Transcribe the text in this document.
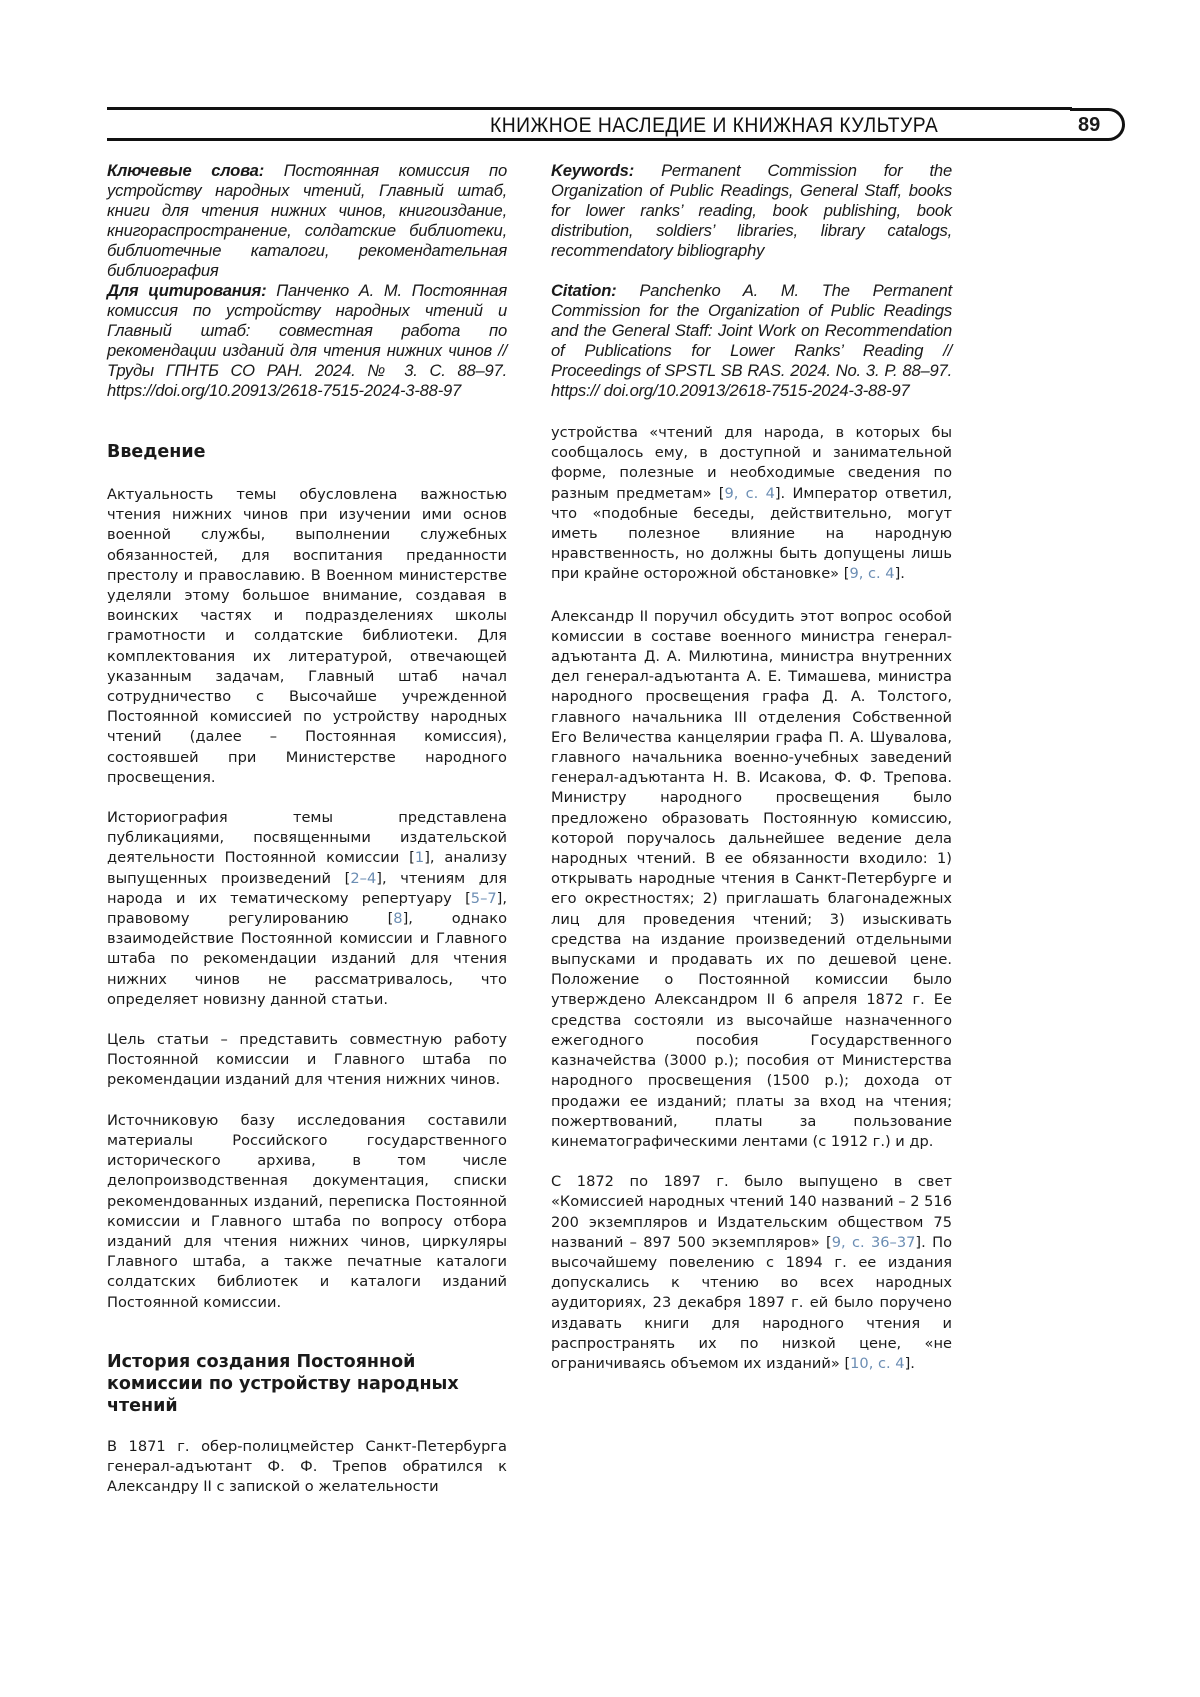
КНИЖНОЕ НАСЛЕДИЕ И КНИЖНАЯ КУЛЬТУРА	89
Ключевые слова: Постоянная комиссия по устройству народных чтений, Главный штаб, книги для чтения нижних чинов, книгоиздание, книгораспространение, солдатские библиотеки, библиотечные каталоги, рекомендательная библиография
Для цитирования: Панченко А. М. Постоянная комиссия по устройству народных чтений и Главный штаб: совместная работа по рекомендации изданий для чтения нижних чинов // Труды ГПНТБ СО РАН. 2024. № 3. С. 88–97. https://doi.org/10.20913/2618-7515-2024-3-88-97
Введение
Актуальность темы обусловлена важностью чтения нижних чинов при изучении ими основ военной службы, выполнении служебных обязанностей, для воспитания преданности престолу и православию. В Военном министерстве уделяли этому большое внимание, создавая в воинских частях и подразделениях школы грамотности и солдатские библиотеки. Для комплектования их литературой, отвечающей указанным задачам, Главный штаб начал сотрудничество с Высочайше учрежденной Постоянной комиссией по устройству народных чтений (далее – Постоянная комиссия), состоявшей при Министерстве народного просвещения.
Историография темы представлена публикациями, посвященными издательской деятельности Постоянной комиссии [1], анализу выпущенных произведений [2–4], чтениям для народа и их тематическому репертуару [5–7], правовому регулированию [8], однако взаимодействие Постоянной комиссии и Главного штаба по рекомендации изданий для чтения нижних чинов не рассматривалось, что определяет новизну данной статьи.
Цель статьи – представить совместную работу Постоянной комиссии и Главного штаба по рекомендации изданий для чтения нижних чинов.
Источниковую базу исследования составили материалы Российского государственного исторического архива, в том числе делопроизводственная документация, списки рекомендованных изданий, переписка Постоянной комиссии и Главного штаба по вопросу отбора изданий для чтения нижних чинов, циркуляры Главного штаба, а также печатные каталоги солдатских библиотек и каталоги изданий Постоянной комиссии.
История создания Постоянной комиссии по устройству народных чтений
В 1871 г. обер-полицмейстер Санкт-Петербурга генерал-адъютант Ф. Ф. Трепов обратился к Александру II с запиской о желательности
Keywords: Permanent Commission for the Organization of Public Readings, General Staff, books for lower ranks’ reading, book publishing, book distribution, soldiers’ libraries, library catalogs, recommendatory bibliography
Citation: Panchenko A. M. The Permanent Commission for the Organization of Public Readings and the General Staff: Joint Work on Recommendation of Publications for Lower Ranks’ Reading // Proceedings of SPSTL SB RAS. 2024. No. 3. P. 88–97. https:// doi.org/10.20913/2618-7515-2024-3-88-97
устройства «чтений для народа, в которых бы сообщалось ему, в доступной и занимательной форме, полезные и необходимые сведения по разным предметам» [9, с. 4]. Император ответил, что «подобные беседы, действительно, могут иметь полезное влияние на народную нравственность, но должны быть допущены лишь при крайне осторожной обстановке» [9, с. 4].
Александр II поручил обсудить этот вопрос особой комиссии в составе военного министра генерал-адъютанта Д. А. Милютина, министра внутренних дел генерал-адъютанта А. Е. Тимашева, министра народного просвещения графа Д. А. Толстого, главного начальника III отделения Собственной Его Величества канцелярии графа П. А. Шувалова, главного начальника военно-учебных заведений генерал-адъютанта Н. В. Исакова, Ф. Ф. Трепова. Министру народного просвещения было предложено образовать Постоянную комиссию, которой поручалось дальнейшее ведение дела народных чтений. В ее обязанности входило: 1) открывать народные чтения в Санкт-Петербурге и его окрестностях; 2) приглашать благонадежных лиц для проведения чтений; 3) изыскивать средства на издание произведений отдельными выпусками и продавать их по дешевой цене. Положение о Постоянной комиссии было утверждено Александром II 6 апреля 1872 г. Ее средства состояли из высочайше назначенного ежегодного пособия Государственного казначейства (3000 р.); пособия от Министерства народного просвещения (1500 р.); дохода от продажи ее изданий; платы за вход на чтения; пожертвований, платы за пользование кинематографическими лентами (с 1912 г.) и др.
С 1872 по 1897 г. было выпущено в свет «Комиссией народных чтений 140 названий – 2 516 200 экземпляров и Издательским обществом 75 названий – 897 500 экземпляров» [9, с. 36–37]. По высочайшему повелению с 1894 г. ее издания допускались к чтению во всех народных аудиториях, 23 декабря 1897 г. ей было поручено издавать книги для народного чтения и распространять их по низкой цене, «не ограничиваясь объемом их изданий» [10, с. 4].
